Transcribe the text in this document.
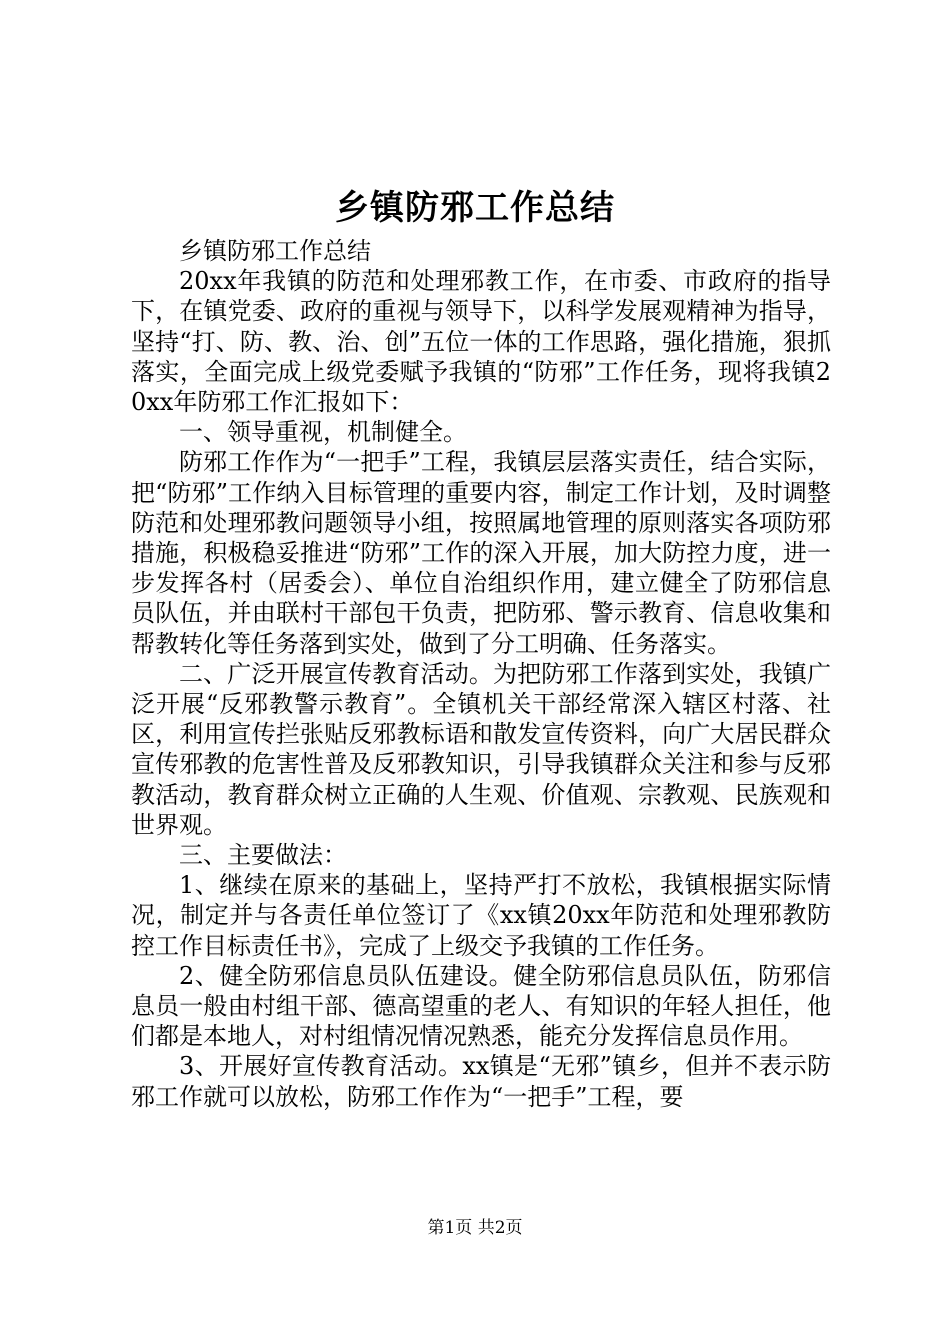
乡镇防邪工作总结

乡镇防邪工作总结

20xx年我镇的防范和处理邪教工作，在市委、市政府的指导下，在镇党委、政府的重视与领导下，以科学发展观精神为指导，坚持“打、防、教、治、创”五位一体的工作思路，强化措施，狠抓落实，全面完成上级党委赋予我镇的“防邪”工作任务，现将我镇20xx年防邪工作汇报如下：

一、领导重视，机制健全。

防邪工作作为“一把手”工程，我镇层层落实责任，结合实际，把“防邪”工作纳入目标管理的重要内容，制定工作计划，及时调整防范和处理邪教问题领导小组，按照属地管理的原则落实各项防邪措施，积极稳妥推进“防邪”工作的深入开展，加大防控力度，进一步发挥各村（居委会）、单位自治组织作用，建立健全了防邪信息员队伍，并由联村干部包干负责，把防邪、警示教育、信息收集和帮教转化等任务落到实处，做到了分工明确、任务落实。

二、广泛开展宣传教育活动。为把防邪工作落到实处，我镇广泛开展“反邪教警示教育”。全镇机关干部经常深入辖区村落、社区，利用宣传拦张贴反邪教标语和散发宣传资料，向广大居民群众宣传邪教的危害性普及反邪教知识，引导我镇群众关注和参与反邪教活动，教育群众树立正确的人生观、价值观、宗教观、民族观和世界观。

三、主要做法：

1、继续在原来的基础上，坚持严打不放松，我镇根据实际情况，制定并与各责任单位签订了《xx镇20xx年防范和处理邪教防控工作目标责任书》，完成了上级交予我镇的工作任务。

2、健全防邪信息员队伍建设。健全防邪信息员队伍，防邪信息员一般由村组干部、德高望重的老人、有知识的年轻人担任，他们都是本地人，对村组情况情况熟悉，能充分发挥信息员作用。

3、开展好宣传教育活动。xx镇是“无邪”镇乡，但并不表示防邪工作就可以放松，防邪工作作为“一把手”工程，要

第1页 共2页
